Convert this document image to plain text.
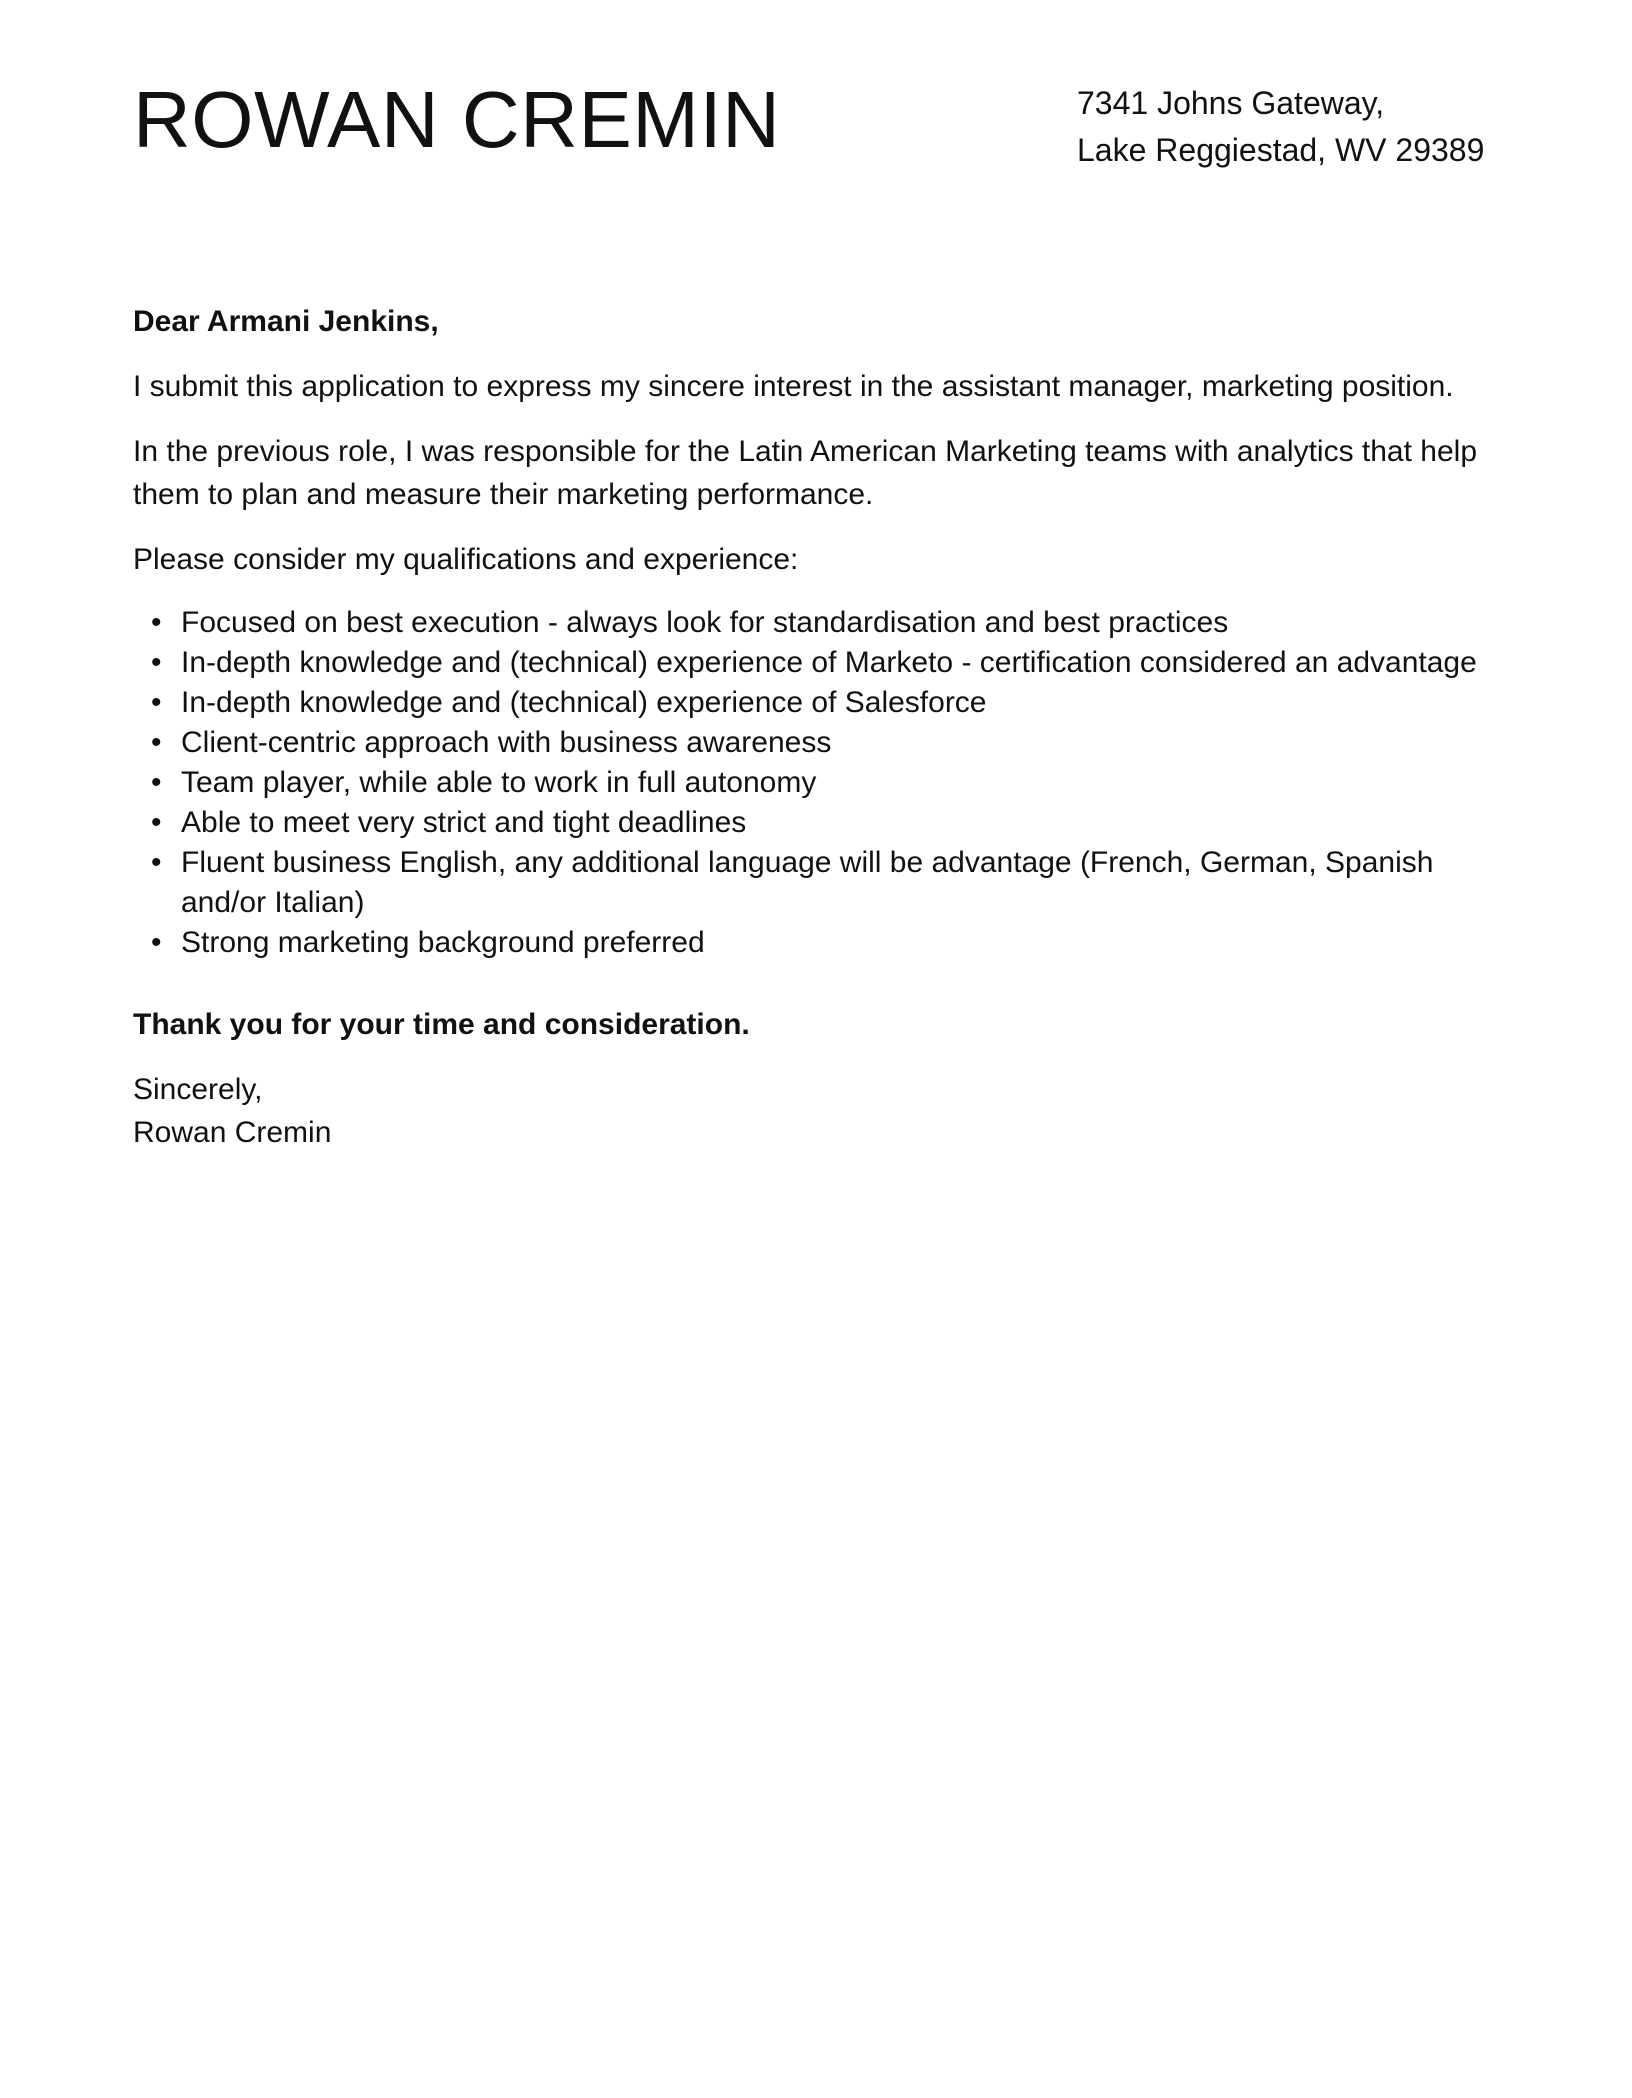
ROWAN CREMIN	7341 Johns Gateway,
Lake Reggiestad, WV 29389

Dear Armani Jenkins,

I submit this application to express my sincere interest in the assistant manager, marketing position.

In the previous role, I was responsible for the Latin American Marketing teams with analytics that help them to plan and measure their marketing performance.

Please consider my qualifications and experience:

• Focused on best execution - always look for standardisation and best practices
• In-depth knowledge and (technical) experience of Marketo - certification considered an advantage
• In-depth knowledge and (technical) experience of Salesforce
• Client-centric approach with business awareness
• Team player, while able to work in full autonomy
• Able to meet very strict and tight deadlines
• Fluent business English, any additional language will be advantage (French, German, Spanish and/or Italian)
• Strong marketing background preferred

Thank you for your time and consideration.

Sincerely,
Rowan Cremin
